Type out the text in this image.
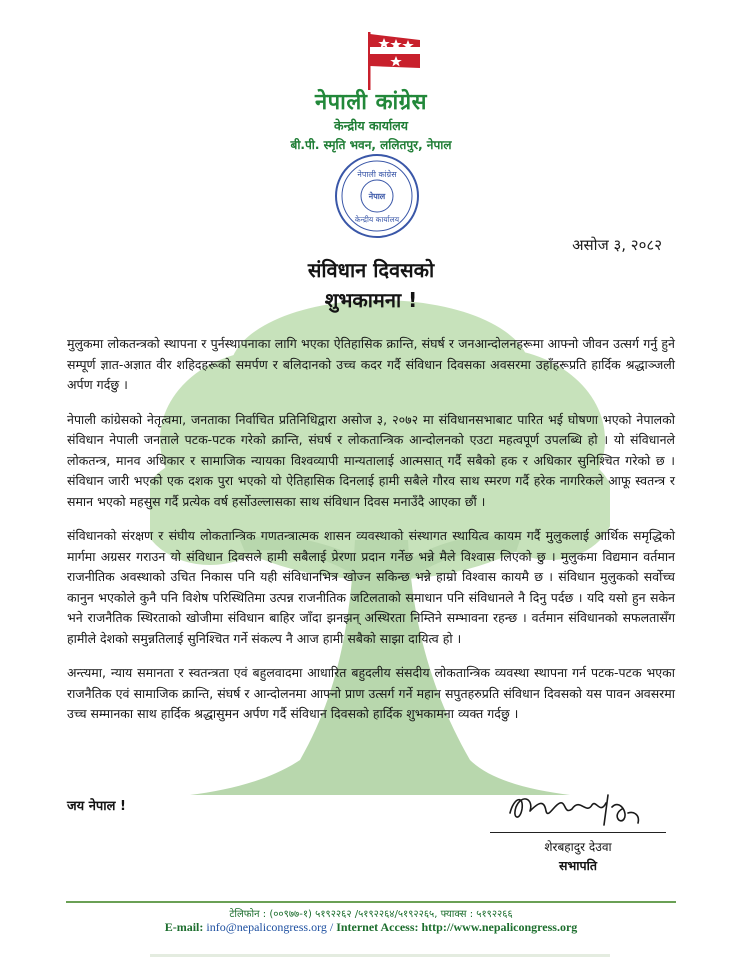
नेपाली कांग्रेस
केन्द्रीय कार्यालय
बी.पी. स्मृति भवन, ललितपुर, नेपाल
नेपाली कांग्रेस
नेपाल
केन्द्रीय कार्यालय
असोज ३, २०८२
संविधान दिवसको
शुभकामना !

मुलुकमा लोकतन्त्रको स्थापना र पुर्नस्थापनाका लागि भएका ऐतिहासिक क्रान्ति, संघर्ष र जनआन्दोलनहरूमा आफ्नो जीवन उत्सर्ग गर्नु हुने सम्पूर्ण ज्ञात-अज्ञात वीर शहिदहरूको समर्पण र बलिदानको उच्च कदर गर्दै संविधान दिवसका अवसरमा उहाँहरूप्रति हार्दिक श्रद्धाञ्जली अर्पण गर्दछु ।

नेपाली कांग्रेसको नेतृत्वमा, जनताका निर्वाचित प्रतिनिधिद्वारा असोज ३, २०७२ मा संविधानसभाबाट पारित भई घोषणा भएको नेपालको संविधान नेपाली जनताले पटक-पटक गरेको क्रान्ति, संघर्ष र लोकतान्त्रिक आन्दोलनको एउटा महत्वपूर्ण उपलब्धि हो । यो संविधानले लोकतन्त्र, मानव अधिकार र सामाजिक न्यायका विश्वव्यापी मान्यतालाई आत्मसात् गर्दै सबैको हक र अधिकार सुनिश्चित गरेको छ । संविधान जारी भएको एक दशक पुरा भएको यो ऐतिहासिक दिनलाई हामी सबैले गौरव साथ स्मरण गर्दै हरेक नागरिकले आफू स्वतन्त्र र समान भएको महसुस गर्दै प्रत्येक वर्ष हर्सोउल्लासका साथ संविधान दिवस मनाउँदै आएका छौं ।

संविधानको संरक्षण र संघीय लोकतान्त्रिक गणतन्त्रात्मक शासन व्यवस्थाको संस्थागत स्थायित्व कायम गर्दै मुलुकलाई आर्थिक समृद्धिको मार्गमा अग्रसर गराउन यो संविधान दिवसले हामी सबैलाई प्रेरणा प्रदान गर्नेछ भन्ने मैले विश्वास लिएको छु । मुलुकमा विद्यमान वर्तमान राजनीतिक अवस्थाको उचित निकास पनि यही संविधानभित्र खोज्न सकिन्छ भन्ने हाम्रो विश्वास कायमै छ । संविधान मुलुकको सर्वोच्च कानुन भएकोले कुनै पनि विशेष परिस्थितिमा उत्पन्न राजनीतिक जटिलताको समाधान पनि संविधानले नै दिनु पर्दछ । यदि यसो हुन सकेन भने राजनैतिक स्थिरताको खोजीमा संविधान बाहिर जाँदा झनझन् अस्थिरता निम्तिने सम्भावना रहन्छ । वर्तमान संविधानको सफलतासँग हामीले देशको समुन्नतिलाई सुनिश्चित गर्ने संकल्प नै आज हामी सबैको साझा दायित्व हो ।

अन्त्यमा, न्याय समानता र स्वतन्त्रता एवं बहुलवादमा आधारित बहुदलीय संसदीय लोकतान्त्रिक व्यवस्था स्थापना गर्न पटक-पटक भएका राजनैतिक एवं सामाजिक क्रान्ति, संघर्ष र आन्दोलनमा आफ्नो प्राण उत्सर्ग गर्ने महान सपुतहरुप्रति संविधान दिवसको यस पावन अवसरमा उच्च सम्मानका साथ हार्दिक श्रद्धासुमन अर्पण गर्दै संविधान दिवसको हार्दिक शुभकामना व्यक्त गर्दछु ।

जय नेपाल !
शेरबहादुर देउवा
सभापति
टेलिफोन : (००९७७-१) ५१९२२६२ /५१९२२६४/५१९२२६५, फ्याक्स : ५१९२२६६
E-mail: info@nepalicongress.org / Internet Access: http://www.nepalicongress.org
